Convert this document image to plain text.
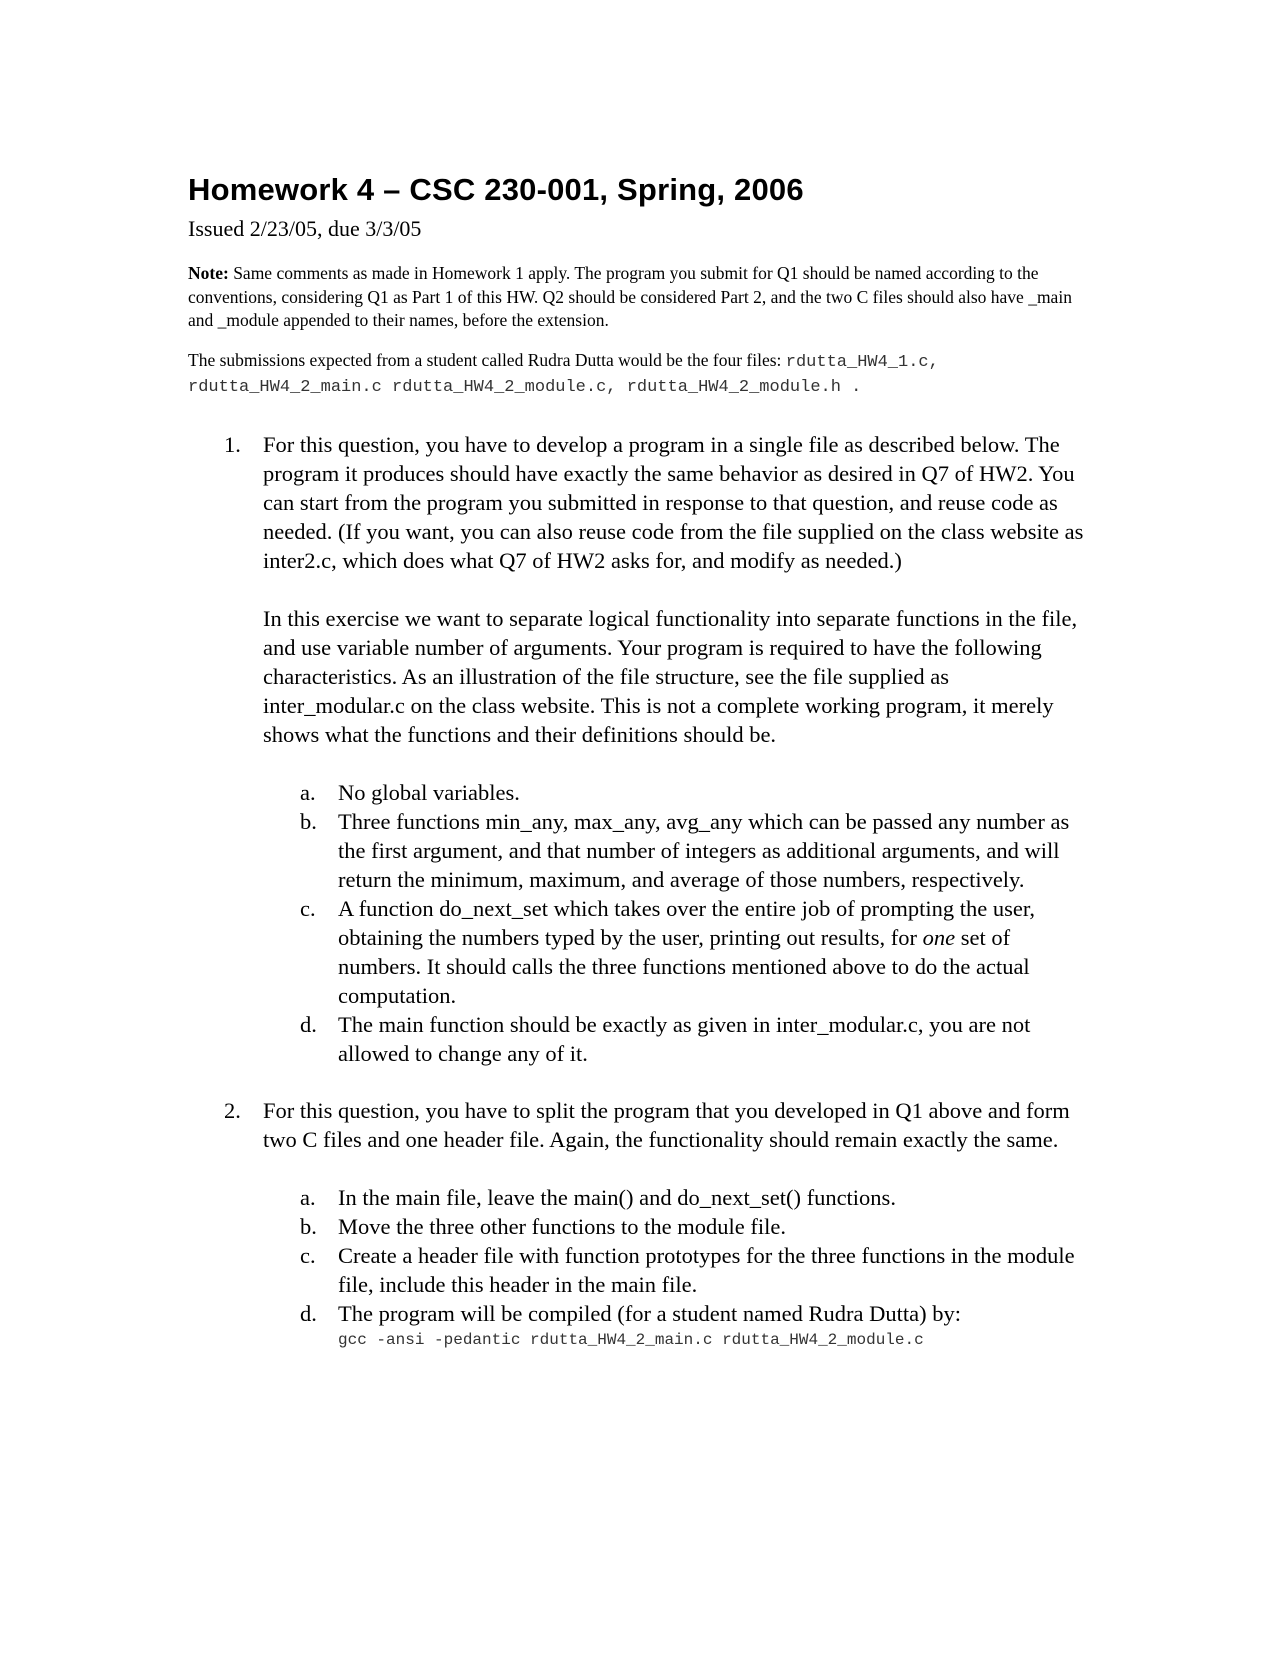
Homework 4 – CSC 230-001, Spring, 2006

Issued 2/23/05, due 3/3/05

Note: Same comments as made in Homework 1 apply. The program you submit for Q1 should be named according to the conventions, considering Q1 as Part 1 of this HW. Q2 should be considered Part 2, and the two C files should also have _main and _module appended to their names, before the extension.

The submissions expected from a student called Rudra Dutta would be the four files: rdutta_HW4_1.c,
rdutta_HW4_2_main.c rdutta_HW4_2_module.c, rdutta_HW4_2_module.h .

1. For this question, you have to develop a program in a single file as described below. The program it produces should have exactly the same behavior as desired in Q7 of HW2. You can start from the program you submitted in response to that question, and reuse code as needed. (If you want, you can also reuse code from the file supplied on the class website as inter2.c, which does what Q7 of HW2 asks for, and modify as needed.)

In this exercise we want to separate logical functionality into separate functions in the file, and use variable number of arguments. Your program is required to have the following characteristics. As an illustration of the file structure, see the file supplied as inter_modular.c on the class website. This is not a complete working program, it merely shows what the functions and their definitions should be.

a. No global variables.
b. Three functions min_any, max_any, avg_any which can be passed any number as the first argument, and that number of integers as additional arguments, and will return the minimum, maximum, and average of those numbers, respectively.
c. A function do_next_set which takes over the entire job of prompting the user, obtaining the numbers typed by the user, printing out results, for one set of numbers. It should calls the three functions mentioned above to do the actual computation.
d. The main function should be exactly as given in inter_modular.c, you are not allowed to change any of it.
2. For this question, you have to split the program that you developed in Q1 above and form two C files and one header file. Again, the functionality should remain exactly the same.

a. In the main file, leave the main() and do_next_set() functions.
b. Move the three other functions to the module file.
c. Create a header file with function prototypes for the three functions in the module file, include this header in the main file.
d. The program will be compiled (for a student named Rudra Dutta) by:
gcc -ansi -pedantic rdutta_HW4_2_main.c rdutta_HW4_2_module.c
